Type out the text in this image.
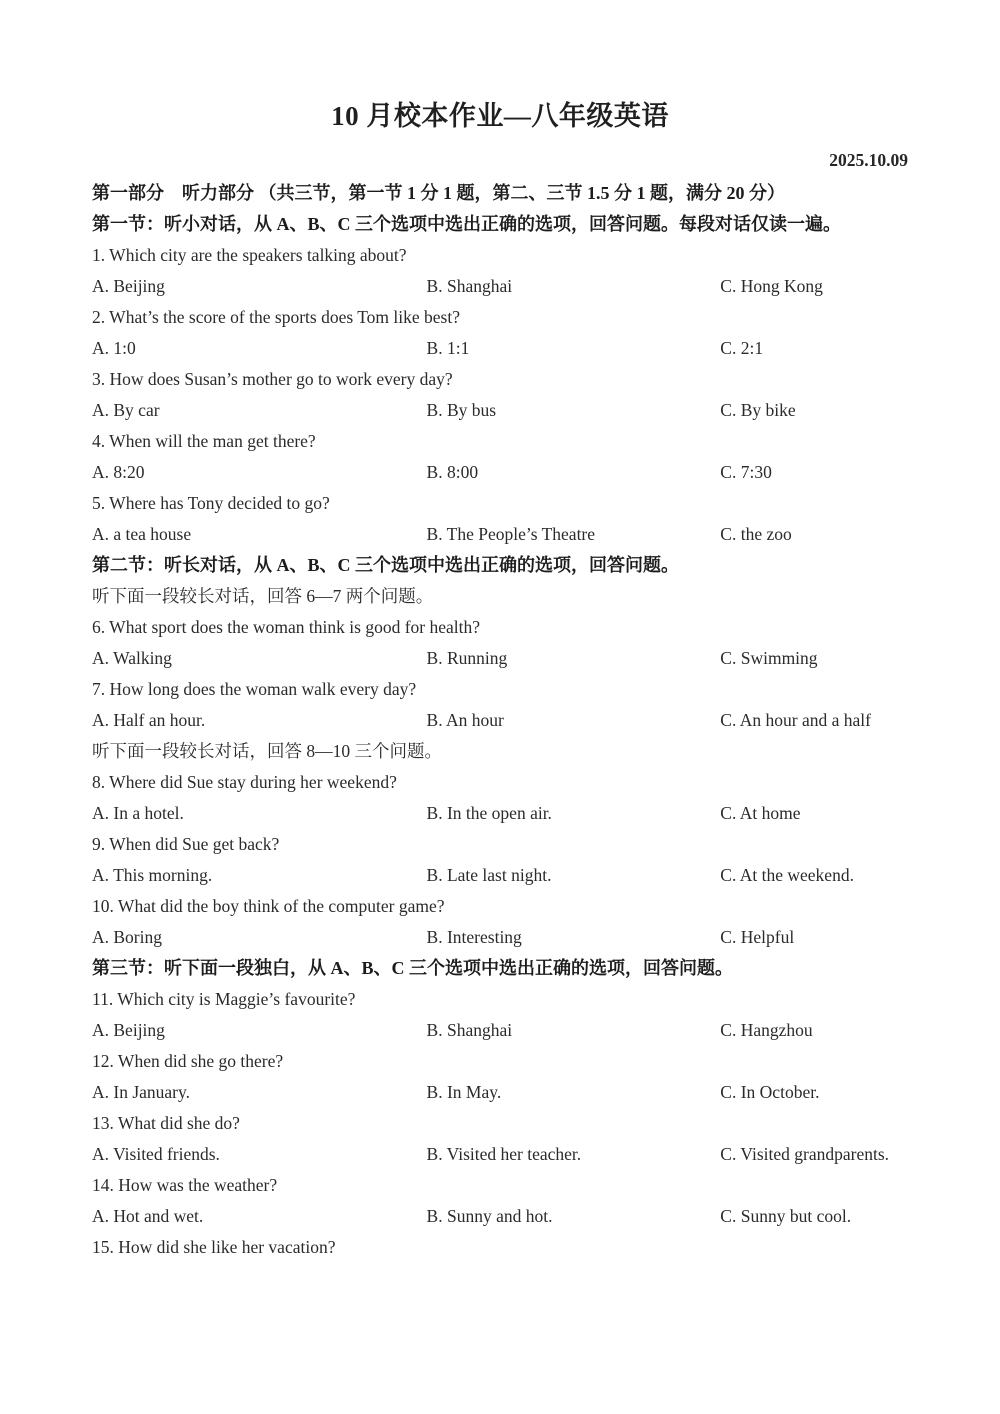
10 月校本作业—八年级英语
2025.10.09
第一部分　听力部分 （共三节，第一节 1 分 1 题，第二、三节 1.5 分 1 题，满分 20 分）
第一节：听小对话，从 A、B、C 三个选项中选出正确的选项，回答问题。每段对话仅读一遍。
1. Which city are the speakers talking about?
A. Beijing	B. Shanghai	C. Hong Kong
2. What’s the score of the sports does Tom like best?
A. 1:0	B. 1:1	C. 2:1
3. How does Susan’s mother go to work every day?
A. By car	B. By bus	C. By bike
4. When will the man get there?
A. 8:20	B. 8:00	C. 7:30
5. Where has Tony decided to go?
A. a tea house	B. The People’s Theatre	C. the zoo
第二节：听长对话，从 A、B、C 三个选项中选出正确的选项，回答问题。
听下面一段较长对话，回答 6—7 两个问题。
6. What sport does the woman think is good for health?
A. Walking	B. Running	C. Swimming
7. How long does the woman walk every day?
A. Half an hour.	B. An hour	C. An hour and a half
听下面一段较长对话，回答 8—10 三个问题。
8. Where did Sue stay during her weekend?
A. In a hotel.	B. In the open air.	C. At home
9. When did Sue get back?
A. This morning.	B. Late last night.	C. At the weekend.
10. What did the boy think of the computer game?
A. Boring	B. Interesting	C. Helpful
第三节：听下面一段独白，从 A、B、C 三个选项中选出正确的选项，回答问题。
11. Which city is Maggie’s favourite?
A. Beijing	B. Shanghai	C. Hangzhou
12. When did she go there?
A. In January.	B. In May.	C. In October.
13. What did she do?
A. Visited friends.	B. Visited her teacher.	C. Visited grandparents.
14. How was the weather?
A. Hot and wet.	B. Sunny and hot.	C. Sunny but cool.
15. How did she like her vacation?
